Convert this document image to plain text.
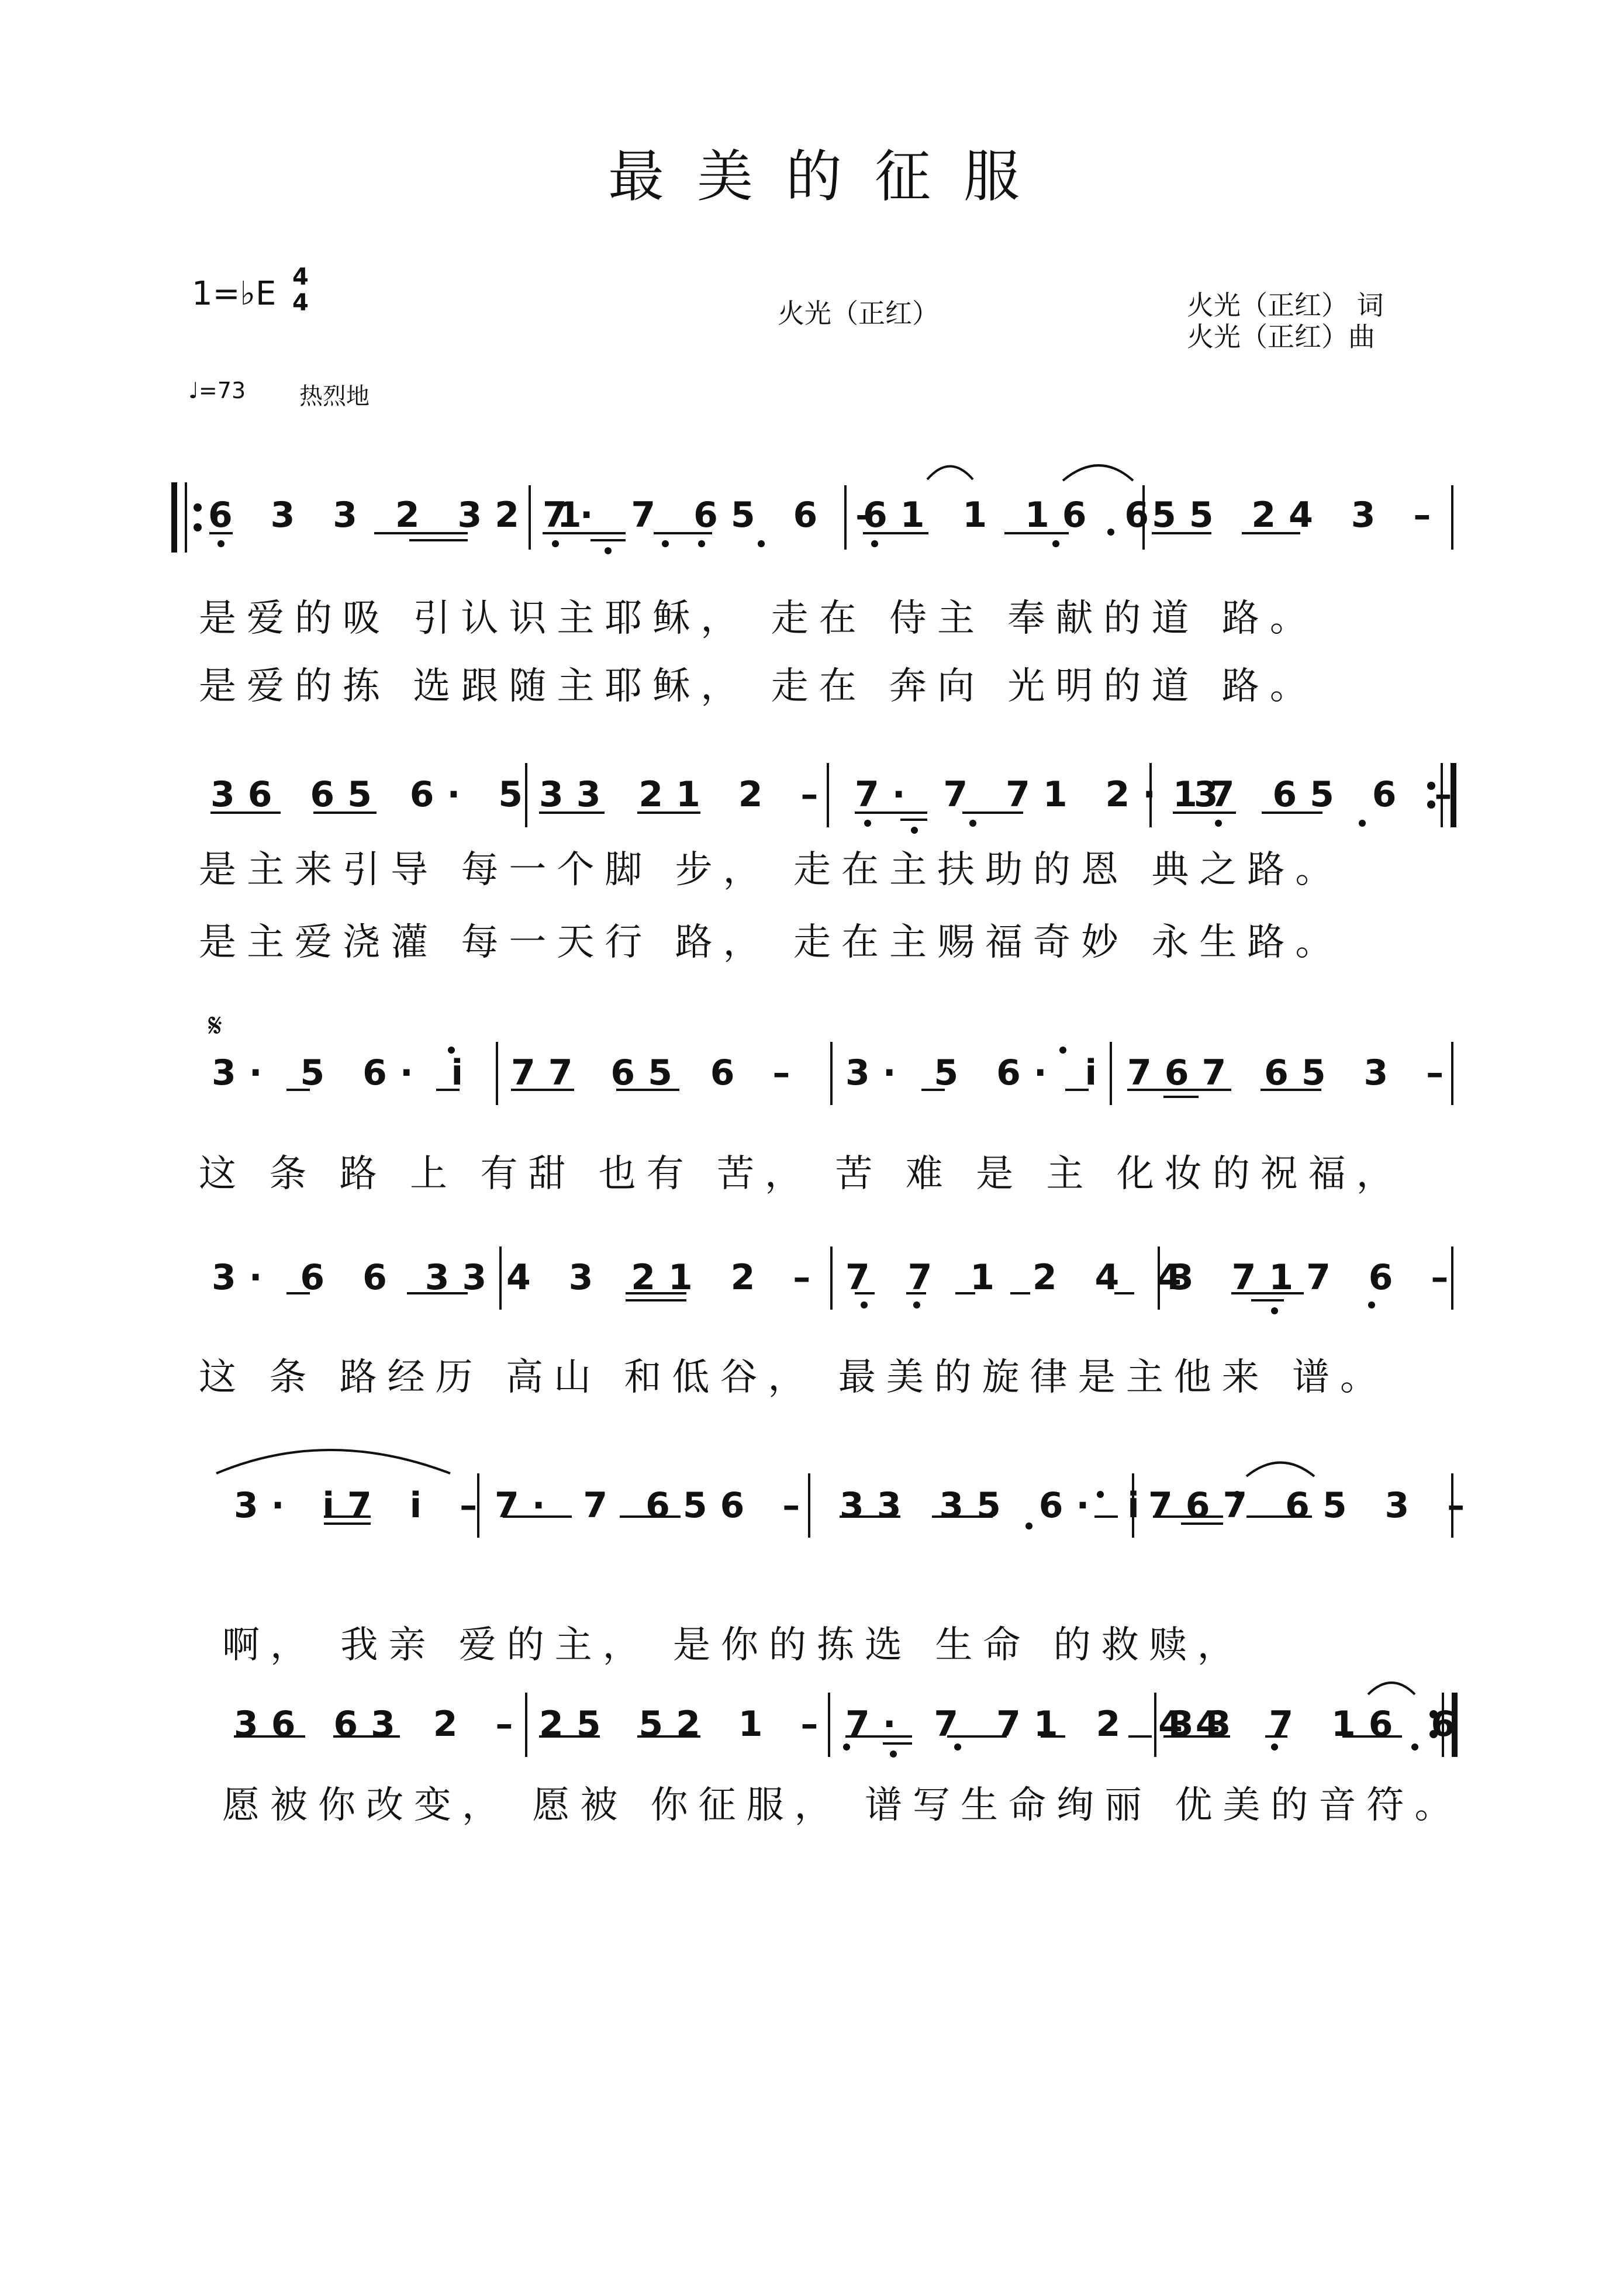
最美的征服
1=♭E 4
4	火光（正红）	火光（正红） 词
火光（正红）曲
♩=73 热烈地
𝄋
6 3 3 2 32 1
7· 7 65 6 –
61 1 16 6
55 24 3 –
是爱的吸 引认识主耶稣， 走在 侍主 奉献的道 路。
是爱的拣 选跟随主耶稣， 走在 奔向 光明的道 路。
36 65 6· 5 33 21 2 – 7· 7 71 2· 3
17 65 6 –
是主来引导 每一个脚 步， 走在主扶助的恩 典之路。
是主爱浇灌 每一天行 路， 走在主赐福奇妙 永生路。
3· 5 6· i 77 65 6 – 3· 5 6· i 767 65 3 –
这 条 路 上 有甜 也有 苦， 苦 难 是 主 化妆的祝福，
3· 6 6 33 4 3 21 2 – 7 7 1 2 4 4
3 717 6 –
这 条 路经历 高山 和低谷， 最美的旋律是主他来 谱。
3· i7 i – 7· 7 656 – 33 35 6· i
767 65 3 –
啊， 我亲 爱的主， 是你的拣选 生命 的救赎，
36 63 2 – 25 52 1 – 7· 7 71 2 44
33 7 16 6
愿被你改变， 愿被 你征服， 谱写生命绚丽 优美的音符。
